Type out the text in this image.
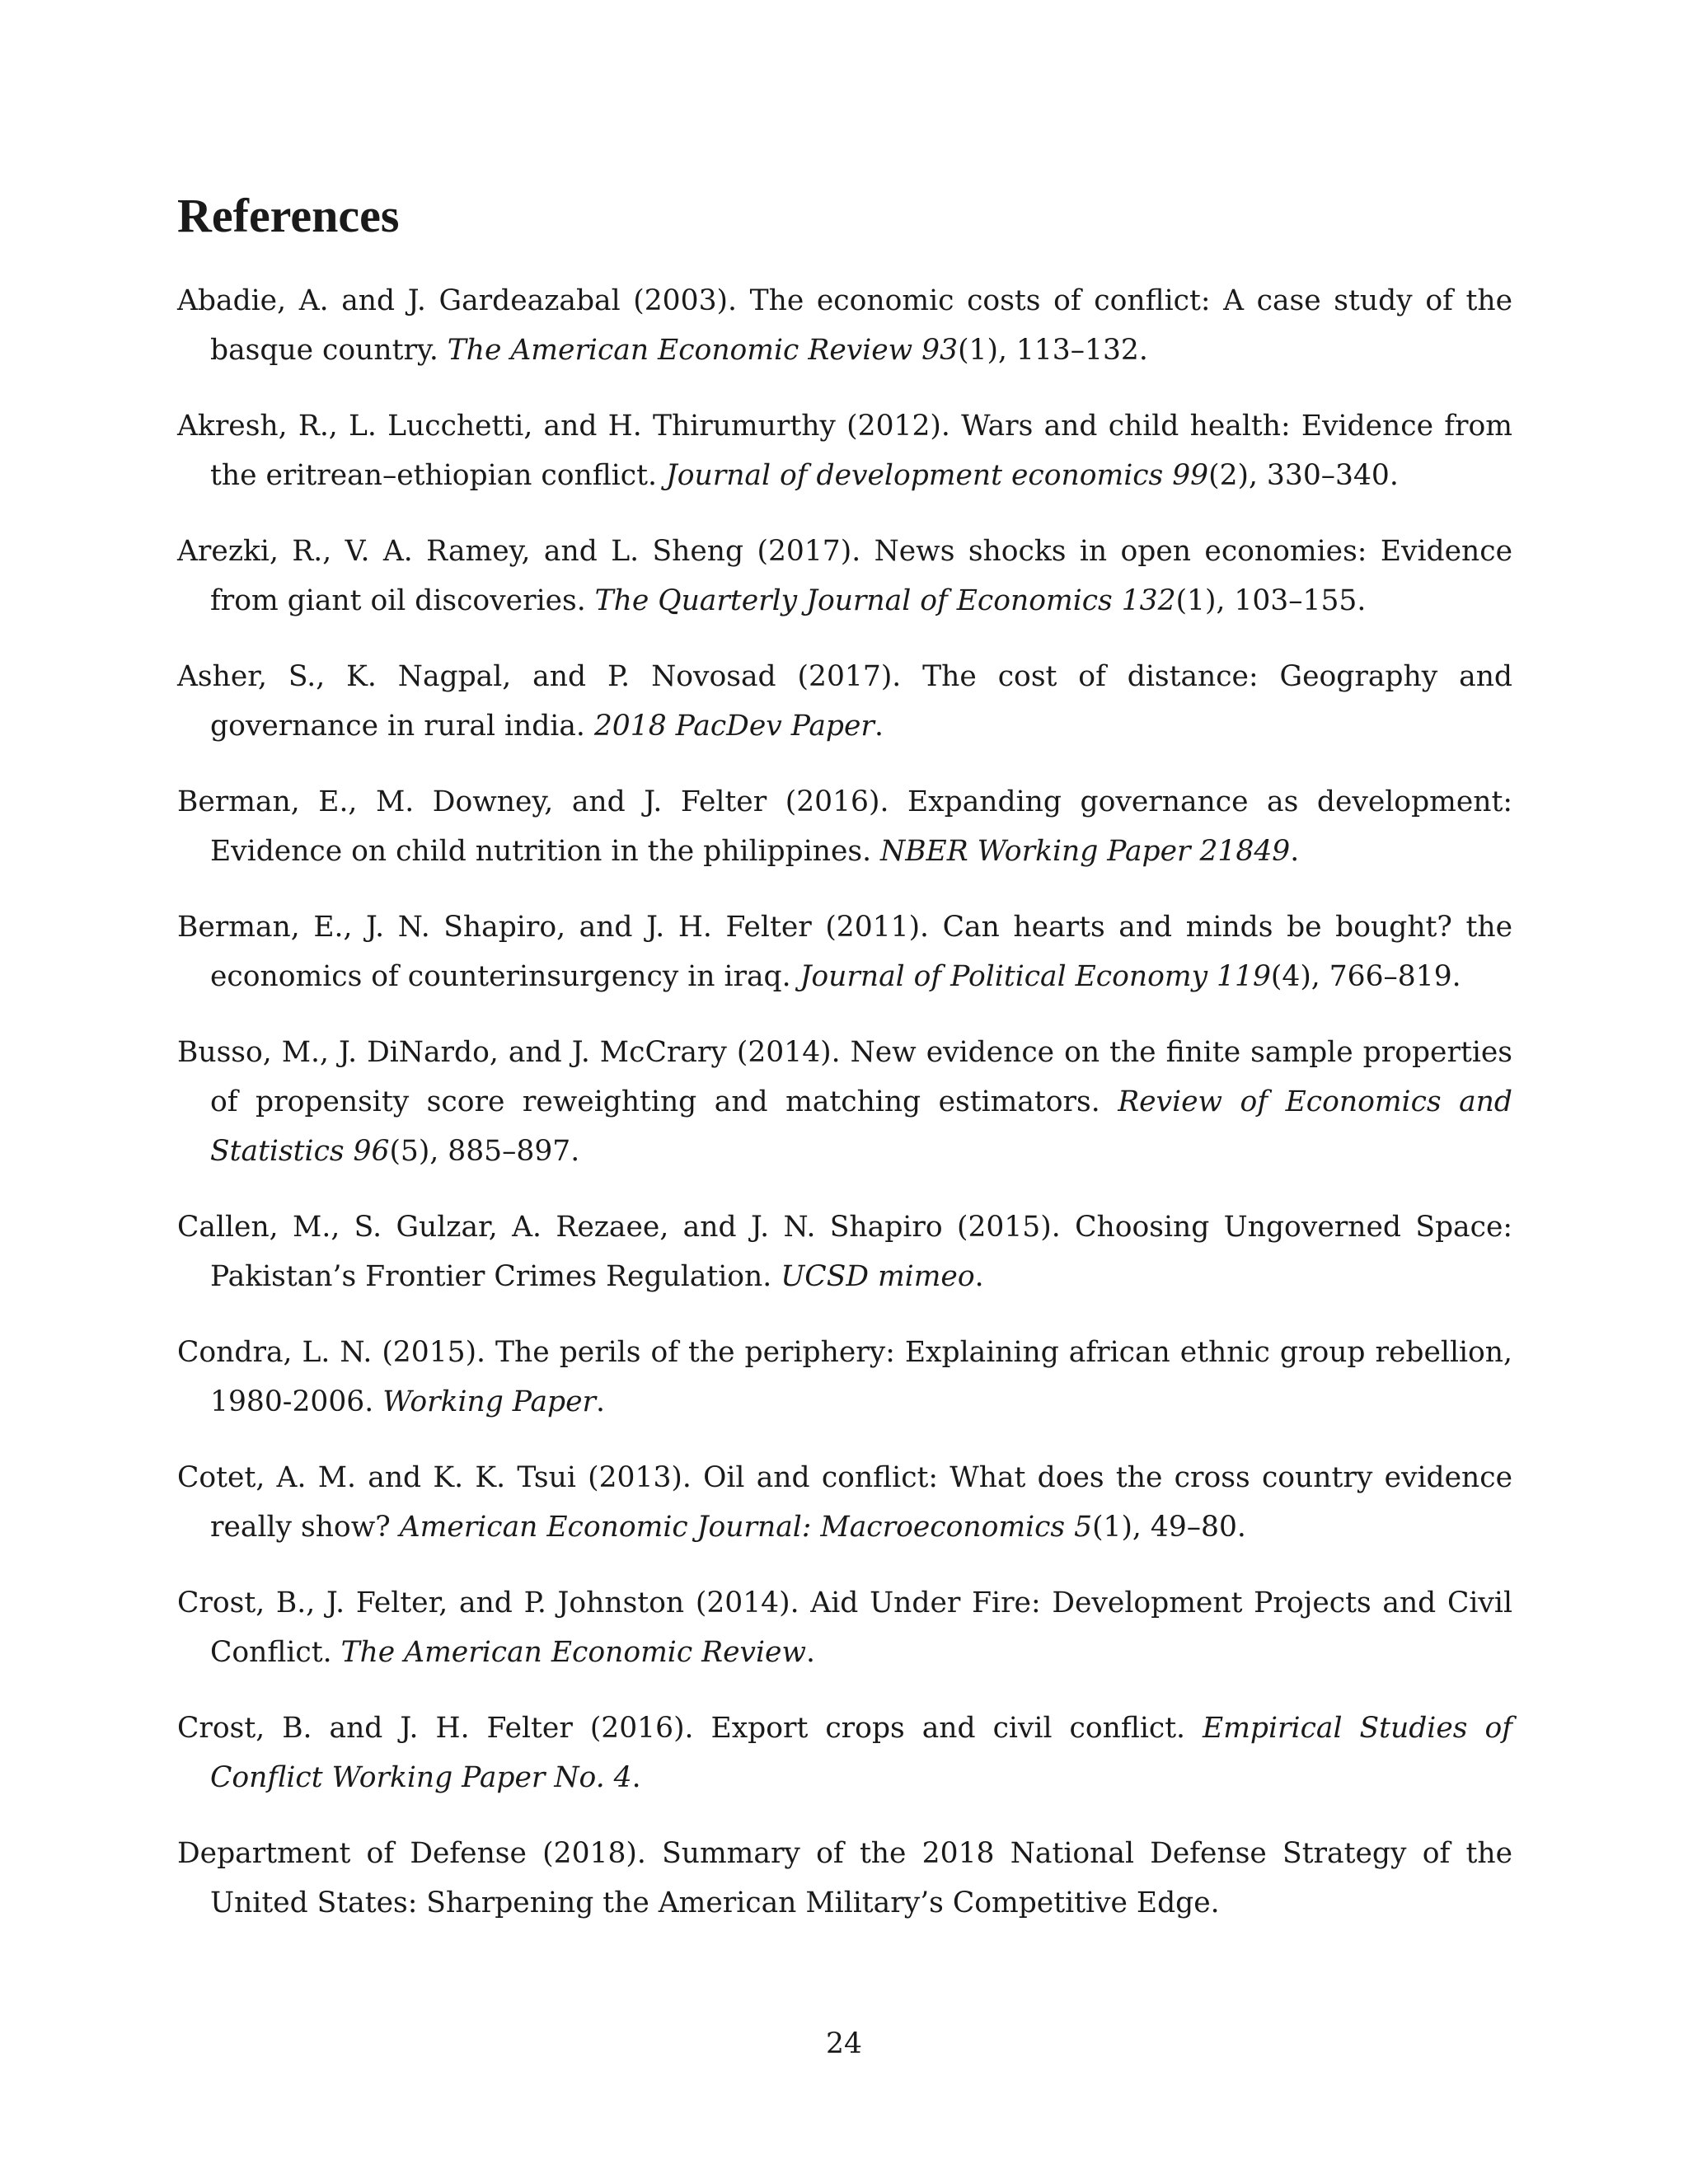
References

Abadie, A. and J. Gardeazabal (2003). The economic costs of conflict: A case study of the basque country. The American Economic Review 93(1), 113–132.

Akresh, R., L. Lucchetti, and H. Thirumurthy (2012). Wars and child health: Evidence from the eritrean–ethiopian conflict. Journal of development economics 99(2), 330–340.

Arezki, R., V. A. Ramey, and L. Sheng (2017). News shocks in open economies: Evidence from giant oil discoveries. The Quarterly Journal of Economics 132(1), 103–155.

Asher, S., K. Nagpal, and P. Novosad (2017). The cost of distance: Geography and governance in rural india. 2018 PacDev Paper.

Berman, E., M. Downey, and J. Felter (2016). Expanding governance as development: Evidence on child nutrition in the philippines. NBER Working Paper 21849.

Berman, E., J. N. Shapiro, and J. H. Felter (2011). Can hearts and minds be bought? the economics of counterinsurgency in iraq. Journal of Political Economy 119(4), 766–819.

Busso, M., J. DiNardo, and J. McCrary (2014). New evidence on the finite sample properties of propensity score reweighting and matching estimators. Review of Economics and Statistics 96(5), 885–897.

Callen, M., S. Gulzar, A. Rezaee, and J. N. Shapiro (2015). Choosing Ungoverned Space: Pakistan’s Frontier Crimes Regulation. UCSD mimeo.

Condra, L. N. (2015). The perils of the periphery: Explaining african ethnic group rebellion, 1980-2006. Working Paper.

Cotet, A. M. and K. K. Tsui (2013). Oil and conflict: What does the cross country evidence really show? American Economic Journal: Macroeconomics 5(1), 49–80.

Crost, B., J. Felter, and P. Johnston (2014). Aid Under Fire: Development Projects and Civil Conflict. The American Economic Review.

Crost, B. and J. H. Felter (2016). Export crops and civil conflict. Empirical Studies of Conflict Working Paper No. 4.

Department of Defense (2018). Summary of the 2018 National Defense Strategy of the United States: Sharpening the American Military’s Competitive Edge.

24
